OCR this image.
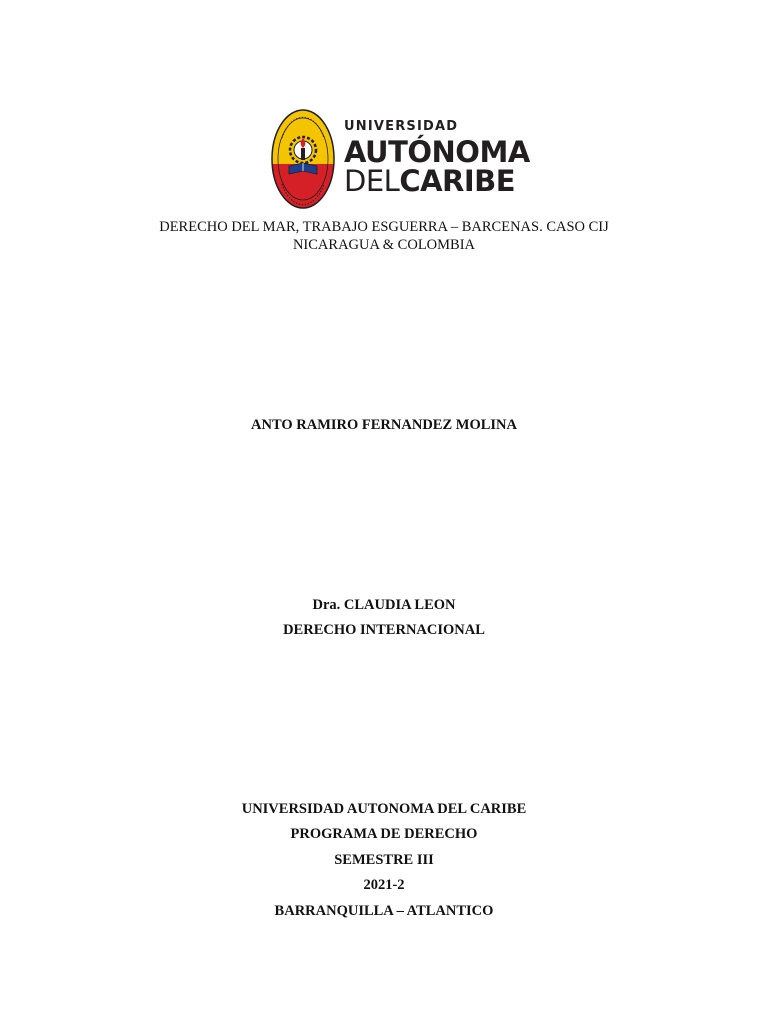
UNIVERSIDAD
AUTÓNOMA
DELCARIBE
DERECHO DEL MAR, TRABAJO ESGUERRA – BARCENAS. CASO CIJ
NICARAGUA & COLOMBIA
ANTO RAMIRO FERNANDEZ MOLINA
Dra. CLAUDIA LEON
DERECHO INTERNACIONAL
UNIVERSIDAD AUTONOMA DEL CARIBE
PROGRAMA DE DERECHO
SEMESTRE III
2021-2
BARRANQUILLA – ATLANTICO
